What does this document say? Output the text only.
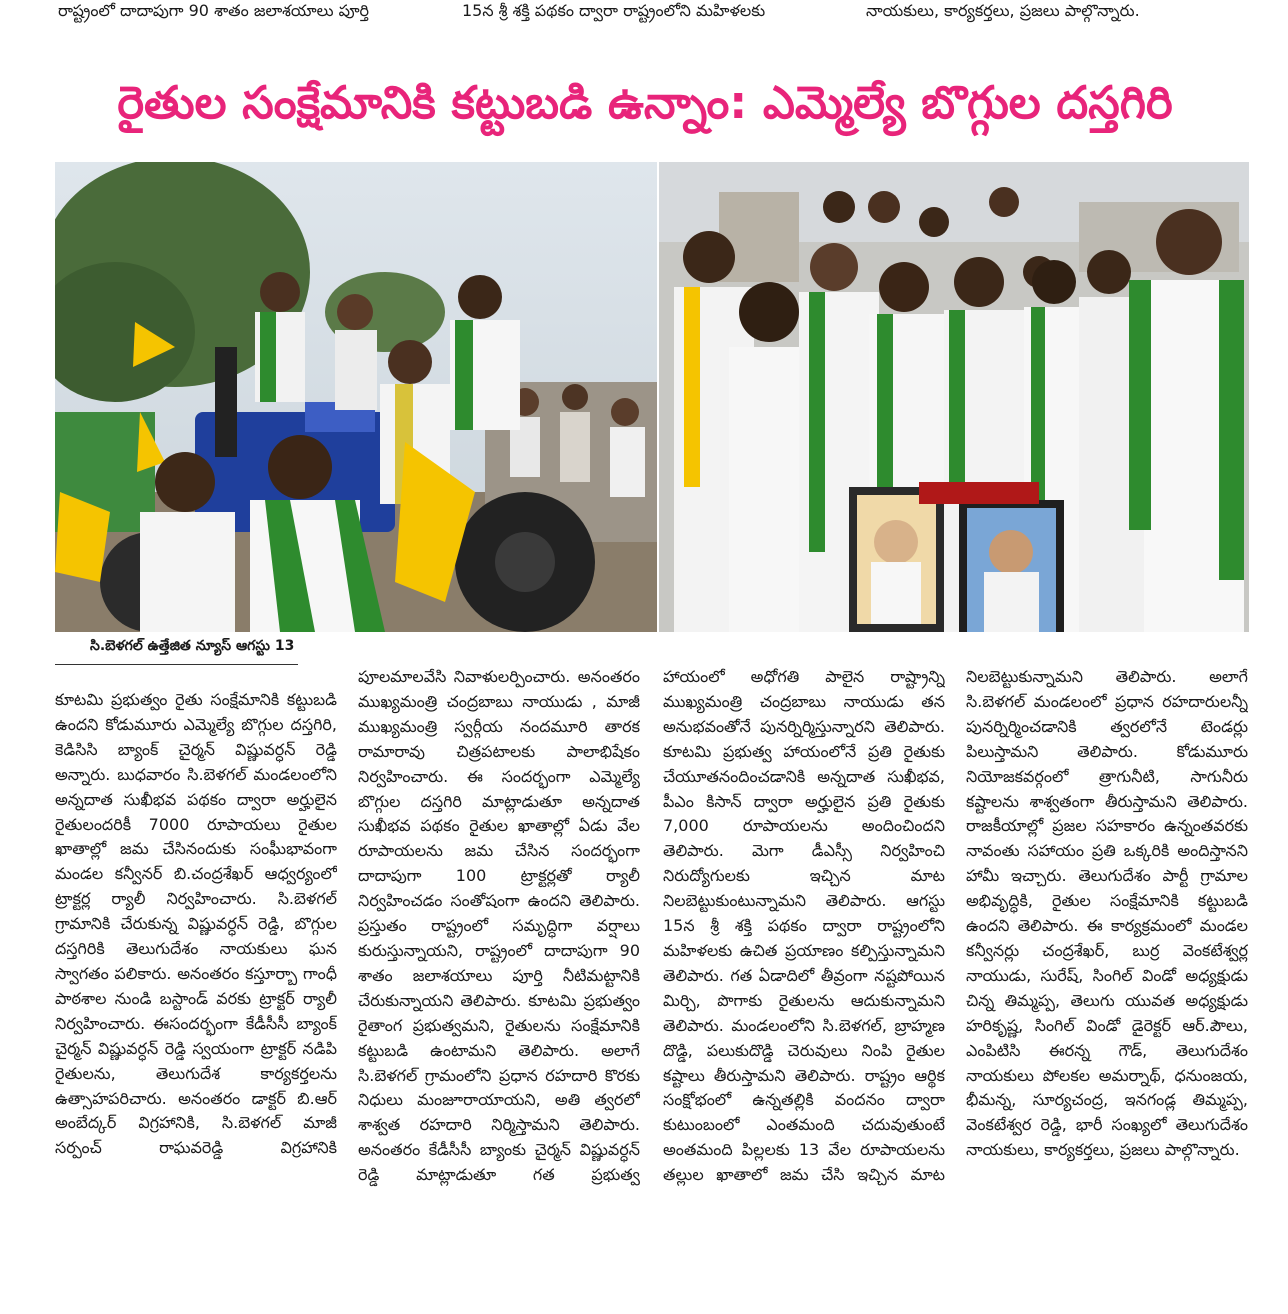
రాష్ట్రంలో దాదాపుగా 90 శాతం జలాశయాలు పూర్తి	15న శ్రీ శక్తి పథకం ద్వారా రాష్ట్రంలోని మహిళలకు	నాయకులు, కార్యకర్తలు, ప్రజలు పాల్గొన్నారు.
రైతుల సంక్షేమానికి కట్టుబడి ఉన్నాం: ఎమ్మెల్యే బొగ్గుల దస్తగిరి
సి.బెళగల్ ఉత్తేజిత న్యూస్ ఆగస్టు 13

కూటమి ప్రభుత్వం రైతు సంక్షేమానికి కట్టుబడి ఉందని కోడుమూరు ఎమ్మెల్యే బొగ్గుల దస్తగిరి, కెడిసిసి బ్యాంక్ చైర్మన్ విష్ణువర్ధన్ రెడ్డి అన్నారు. బుధవారం సి.బెళగల్ మండలంలోని అన్నదాత సుఖీభవ పథకం ద్వారా అర్హులైన రైతులందరికీ 7000 రూపాయలు రైతుల ఖాతాల్లో జమ చేసినందుకు సంఘీభావంగా మండల కన్వీనర్ బి.చంద్రశేఖర్ ఆధ్వర్యంలో ట్రాక్టర్ల ర్యాలీ నిర్వహించారు. సి.బెళగల్ గ్రామానికి చేరుకున్న విష్ణువర్ధన్ రెడ్డి, బొగ్గుల దస్తగిరికి తెలుగుదేశం నాయకులు ఘన స్వాగతం పలికారు. అనంతరం కస్తూర్బా గాంధీ పాఠశాల నుండి బస్టాండ్ వరకు ట్రాక్టర్ ర్యాలీ నిర్వహించారు. ఈసందర్భంగా కేడీసీసీ బ్యాంక్ చైర్మన్ విష్ణువర్ధన్ రెడ్డి స్వయంగా ట్రాక్టర్ నడిపి రైతులను, తెలుగుదేశ కార్యకర్తలను ఉత్సాహపరిచారు. అనంతరం డాక్టర్ బి.ఆర్ అంబేద్కర్ విగ్రహానికి, సి.బెళగల్ మాజీ సర్పంచ్ రాఘవరెడ్డి విగ్రహానికి

పూలమాలవేసి నివాళులర్పించారు. అనంతరం ముఖ్యమంత్రి చంద్రబాబు నాయుడు , మాజీ ముఖ్యమంత్రి స్వర్గీయ నందమూరి తారక రామారావు చిత్రపటాలకు పాలాభిషేకం నిర్వహించారు. ఈ సందర్భంగా ఎమ్మెల్యే బొగ్గుల దస్తగిరి మాట్లాడుతూ అన్నదాత సుఖీభవ పథకం రైతుల ఖాతాల్లో ఏడు వేల రూపాయలను జమ చేసిన సందర్భంగా దాదాపుగా 100 ట్రాక్టర్లతో ర్యాలీ నిర్వహించడం సంతోషంగా ఉందని తెలిపారు. ప్రస్తుతం రాష్ట్రంలో సమృద్ధిగా వర్షాలు కురుస్తున్నాయని, రాష్ట్రంలో దాదాపుగా 90 శాతం జలాశయాలు పూర్తి నీటిమట్టానికి చేరుకున్నాయని తెలిపారు. కూటమి ప్రభుత్వం రైతాంగ ప్రభుత్వమని, రైతులను సంక్షేమానికి కట్టుబడి ఉంటామని తెలిపారు. అలాగే సి.బెళగల్ గ్రామంలోని ప్రధాన రహదారి కొరకు నిధులు మంజూరాయాయని, అతి త్వరలో శాశ్వత రహదారి నిర్మిస్తామని తెలిపారు. అనంతరం కేడీసీసీ బ్యాంకు చైర్మన్ విష్ణువర్ధన్ రెడ్డి మాట్లాడుతూ గత ప్రభుత్వ

హాయంలో అధోగతి పాలైన రాష్ట్రాన్ని ముఖ్యమంత్రి చంద్రబాబు నాయుడు తన అనుభవంతోనే పునర్నిర్మిస్తున్నారని తెలిపారు. కూటమి ప్రభుత్వ హాయంలోనే ప్రతి రైతుకు చేయూతనందించడానికి అన్నదాత సుఖీభవ, పీఎం కిసాన్ ద్వారా అర్హులైన ప్రతి రైతుకు 7,000 రూపాయలను అందించిందని తెలిపారు. మెగా డీఎస్సీ నిర్వహించి నిరుద్యోగులకు ఇచ్చిన మాట నిలబెట్టుకుంటున్నామని తెలిపారు. ఆగస్టు 15న శ్రీ శక్తి పథకం ద్వారా రాష్ట్రంలోని మహిళలకు ఉచిత ప్రయాణం కల్పిస్తున్నామని తెలిపారు. గత ఏడాదిలో తీవ్రంగా నష్టపోయిన మిర్చి, పొగాకు రైతులను ఆదుకున్నామని తెలిపారు. మండలంలోని సి.బెళగల్, బ్రాహ్మణ దొడ్డి, పలుకుదొడ్డి చెరువులు నింపి రైతుల కష్టాలు తీరుస్తామని తెలిపారు. రాష్ట్రం ఆర్థిక సంక్షోభంలో ఉన్నతల్లికి వందనం ద్వారా కుటుంబంలో ఎంతమంది చదువుతుంటే అంతమంది పిల్లలకు 13 వేల రూపాయలను తల్లుల ఖాతాలో జమ చేసి ఇచ్చిన మాట

నిలబెట్టుకున్నామని తెలిపారు. అలాగే సి.బెళగల్ మండలంలో ప్రధాన రహదారులన్నీ పునర్నిర్మించడానికి త్వరలోనే టెండర్లు పిలుస్తామని తెలిపారు. కోడుమూరు నియోజకవర్గంలో త్రాగునీటి, సాగునీరు కష్టాలను శాశ్వతంగా తీరుస్తామని తెలిపారు. రాజకీయాల్లో ప్రజల సహకారం ఉన్నంతవరకు నావంతు సహాయం ప్రతి ఒక్కరికి అందిస్తానని హామీ ఇచ్చారు. తెలుగుదేశం పార్టీ గ్రామాల అభివృద్ధికి, రైతుల సంక్షేమానికి కట్టుబడి ఉందని తెలిపారు. ఈ కార్యక్రమంలో మండల కన్వీనర్లు చంద్రశేఖర్, బుర్ర వెంకటేశ్వర్ల నాయుడు, సురేష్, సింగిల్ విండో అధ్యక్షుడు చిన్న తిమ్మప్ప, తెలుగు యువత అధ్యక్షుడు హరికృష్ణ, సింగిల్ విండో డైరెక్టర్ ఆర్.పౌలు, ఎంపిటిసి ఈరన్న గౌడ్, తెలుగుదేశం నాయకులు పోలకల అమర్నాథ్, ధనుంజయ, భీమన్న, సూర్యచంద్ర, ఇనగండ్ల తిమ్మప్ప, వెంకటేశ్వర రెడ్డి, భారీ సంఖ్యలో తెలుగుదేశం నాయకులు, కార్యకర్తలు, ప్రజలు పాల్గొన్నారు.
